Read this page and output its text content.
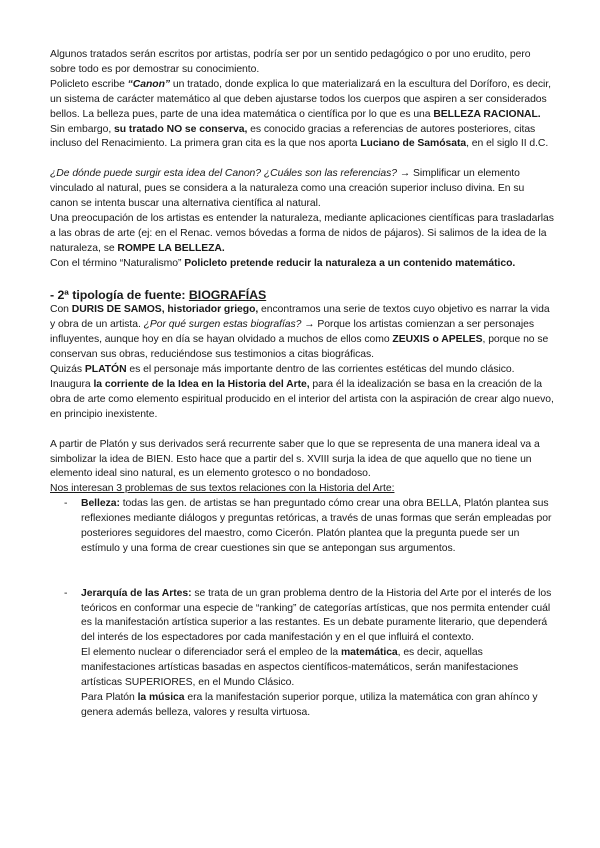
Algunos tratados serán escritos por artistas, podría ser por un sentido pedagógico o por uno erudito, pero sobre todo es por demostrar su conocimiento.
Policleto escribe “Canon” un tratado, donde explica lo que materializará en la escultura del Doríforo, es decir, un sistema de carácter matemático al que deben ajustarse todos los cuerpos que aspiren a ser considerados bellos. La belleza pues, parte de una idea matemática o científica por lo que es una BELLEZA RACIONAL.
Sin embargo, su tratado NO se conserva, es conocido gracias a referencias de autores posteriores, citas incluso del Renacimiento. La primera gran cita es la que nos aporta Luciano de Samósata, en el siglo II d.C.

¿De dónde puede surgir esta idea del Canon? ¿Cuáles son las referencias? → Simplificar un elemento vinculado al natural, pues se considera a la naturaleza como una creación superior incluso divina. En su canon se intenta buscar una alternativa científica al natural.
Una preocupación de los artistas es entender la naturaleza, mediante aplicaciones científicas para trasladarlas a las obras de arte (ej: en el Renac. vemos bóvedas a forma de nidos de pájaros). Si salimos de la idea de la naturaleza, se ROMPE LA BELLEZA.
Con el término “Naturalismo” Policleto pretende reducir la naturaleza a un contenido matemático.

- 2ª tipología de fuente: BIOGRAFÍAS

Con DURIS DE SAMOS, historiador griego, encontramos una serie de textos cuyo objetivo es narrar la vida y obra de un artista. ¿Por qué surgen estas biografías? → Porque los artistas comienzan a ser personajes influyentes, aunque hoy en día se hayan olvidado a muchos de ellos como ZEUXIS o APELES, porque no se conservan sus obras, reduciéndose sus testimonios a citas biográficas.
Quizás PLATÓN es el personaje más importante dentro de las corrientes estéticas del mundo clásico. Inaugura la corriente de la Idea en la Historia del Arte, para él la idealización se basa en la creación de la obra de arte como elemento espiritual producido en el interior del artista con la aspiración de crear algo nuevo, en principio inexistente.

A partir de Platón y sus derivados será recurrente saber que lo que se representa de una manera ideal va a simbolizar la idea de BIEN. Esto hace que a partir del s. XVIII surja la idea de que aquello que no tiene un elemento ideal sino natural, es un elemento grotesco o no bondadoso.
Nos interesan 3 problemas de sus textos relaciones con la Historia del Arte:

- Belleza: todas las gen. de artistas se han preguntado cómo crear una obra BELLA, Platón plantea sus reflexiones mediante diálogos y preguntas retóricas, a través de unas formas que serán empleadas por posteriores seguidores del maestro, como Cicerón. Platón plantea que la pregunta puede ser un estímulo y una forma de crear cuestiones sin que se antepongan sus argumentos.
- Jerarquía de las Artes: se trata de un gran problema dentro de la Historia del Arte por el interés de los teóricos en conformar una especie de “ranking” de categorías artísticas, que nos permita entender cuál es la manifestación artística superior a las restantes. Es un debate puramente literario, que dependerá del interés de los espectadores por cada manifestación y en el que influirá el contexto.

El elemento nuclear o diferenciador será el empleo de la matemática, es decir, aquellas manifestaciones artísticas basadas en aspectos científicos-matemáticos, serán manifestaciones artísticas SUPERIORES, en el Mundo Clásico.

Para Platón la música era la manifestación superior porque, utiliza la matemática con gran ahínco y genera además belleza, valores y resulta virtuosa.
